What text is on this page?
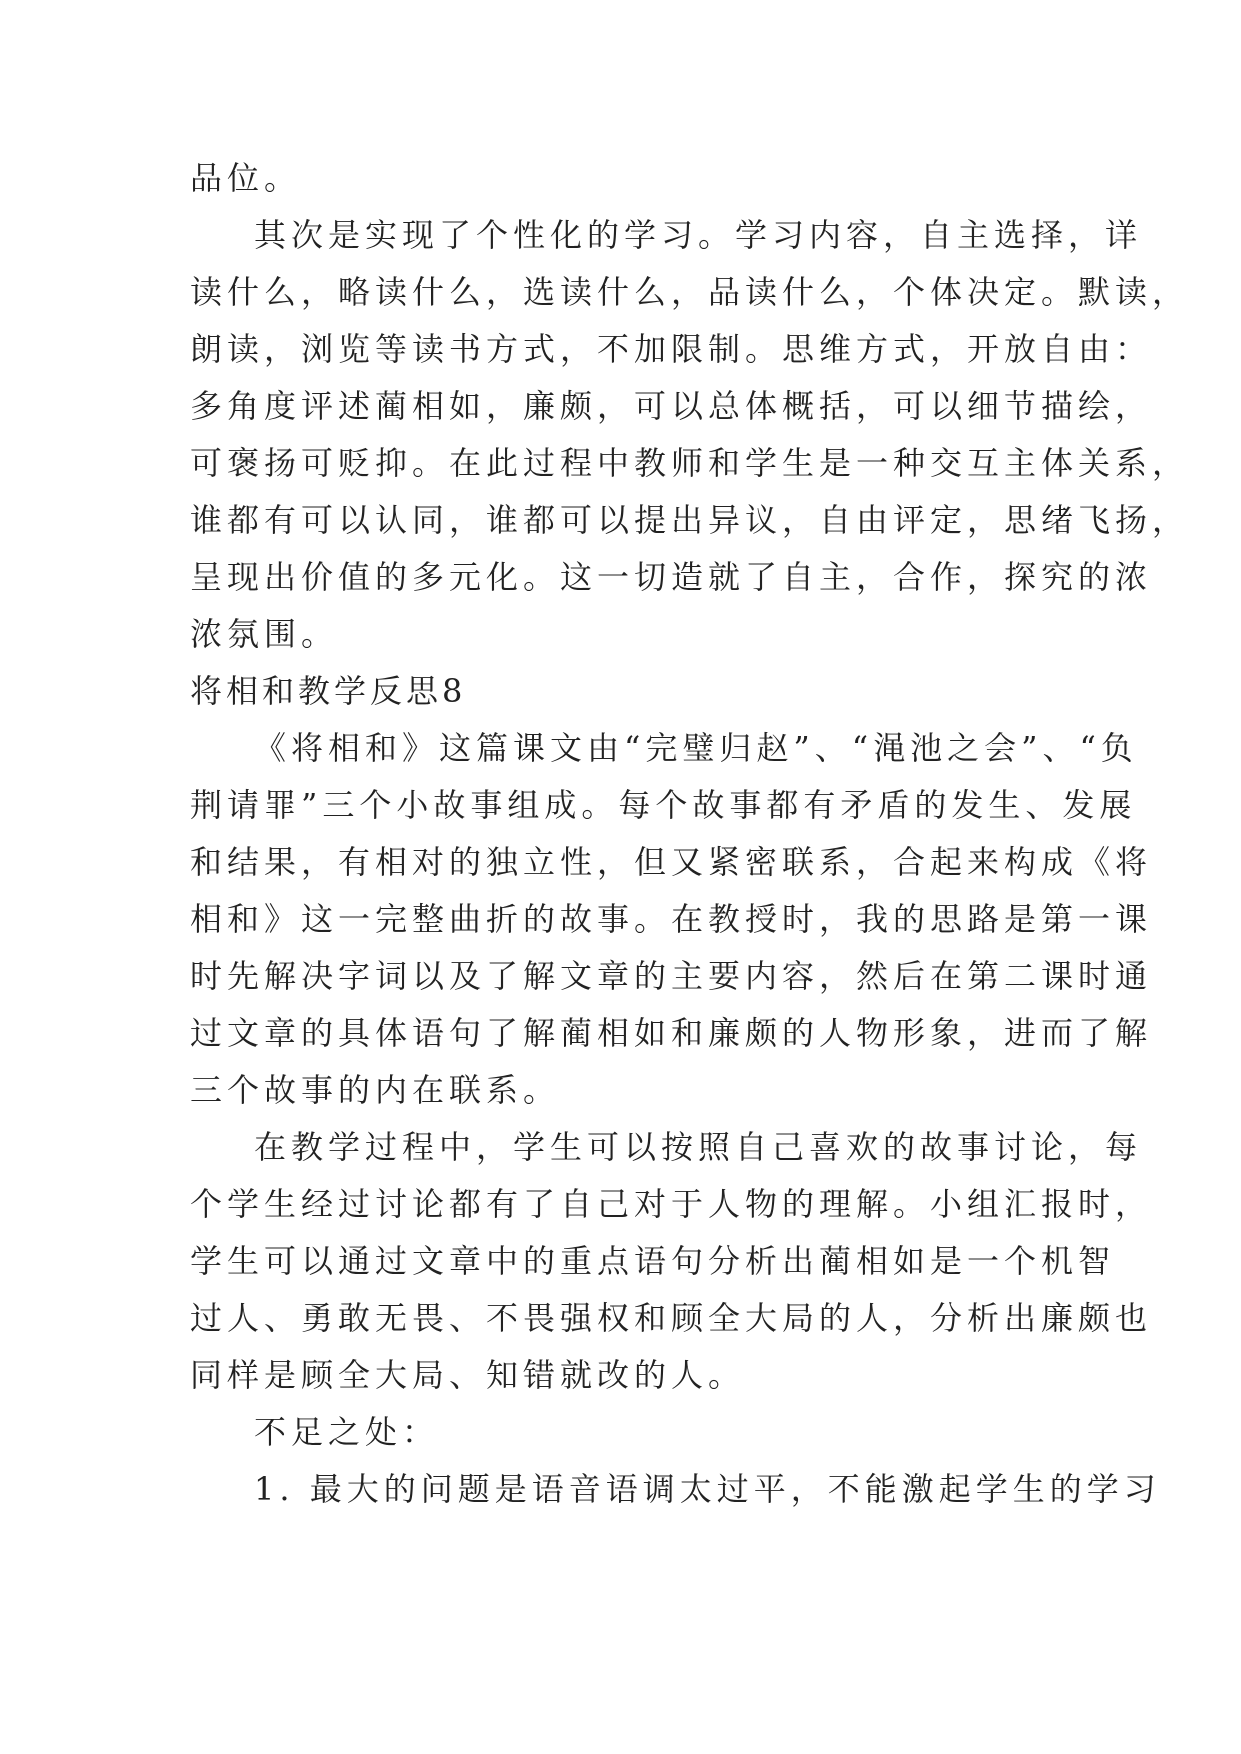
品位。
其次是实现了个性化的学习。学习内容，自主选择，详
读什么，略读什么，选读什么，品读什么，个体决定。默读，
朗读，浏览等读书方式，不加限制。思维方式，开放自由：
多角度评述蔺相如，廉颇，可以总体概括，可以细节描绘，
可褒扬可贬抑。在此过程中教师和学生是一种交互主体关系，
谁都有可以认同，谁都可以提出异议，自由评定，思绪飞扬，
呈现出价值的多元化。这一切造就了自主，合作，探究的浓
浓氛围。
将相和教学反思8
《将相和》这篇课文由“完璧归赵”、“渑池之会”、“负
荆请罪”三个小故事组成。每个故事都有矛盾的发生、发展
和结果，有相对的独立性，但又紧密联系，合起来构成《将
相和》这一完整曲折的故事。在教授时，我的思路是第一课
时先解决字词以及了解文章的主要内容，然后在第二课时通
过文章的具体语句了解蔺相如和廉颇的人物形象，进而了解
三个故事的内在联系。
在教学过程中，学生可以按照自己喜欢的故事讨论，每
个学生经过讨论都有了自己对于人物的理解。小组汇报时，
学生可以通过文章中的重点语句分析出蔺相如是一个机智
过人、勇敢无畏、不畏强权和顾全大局的人，分析出廉颇也
同样是顾全大局、知错就改的人。
不足之处：
1. 最大的问题是语音语调太过平，不能激起学生的学习
